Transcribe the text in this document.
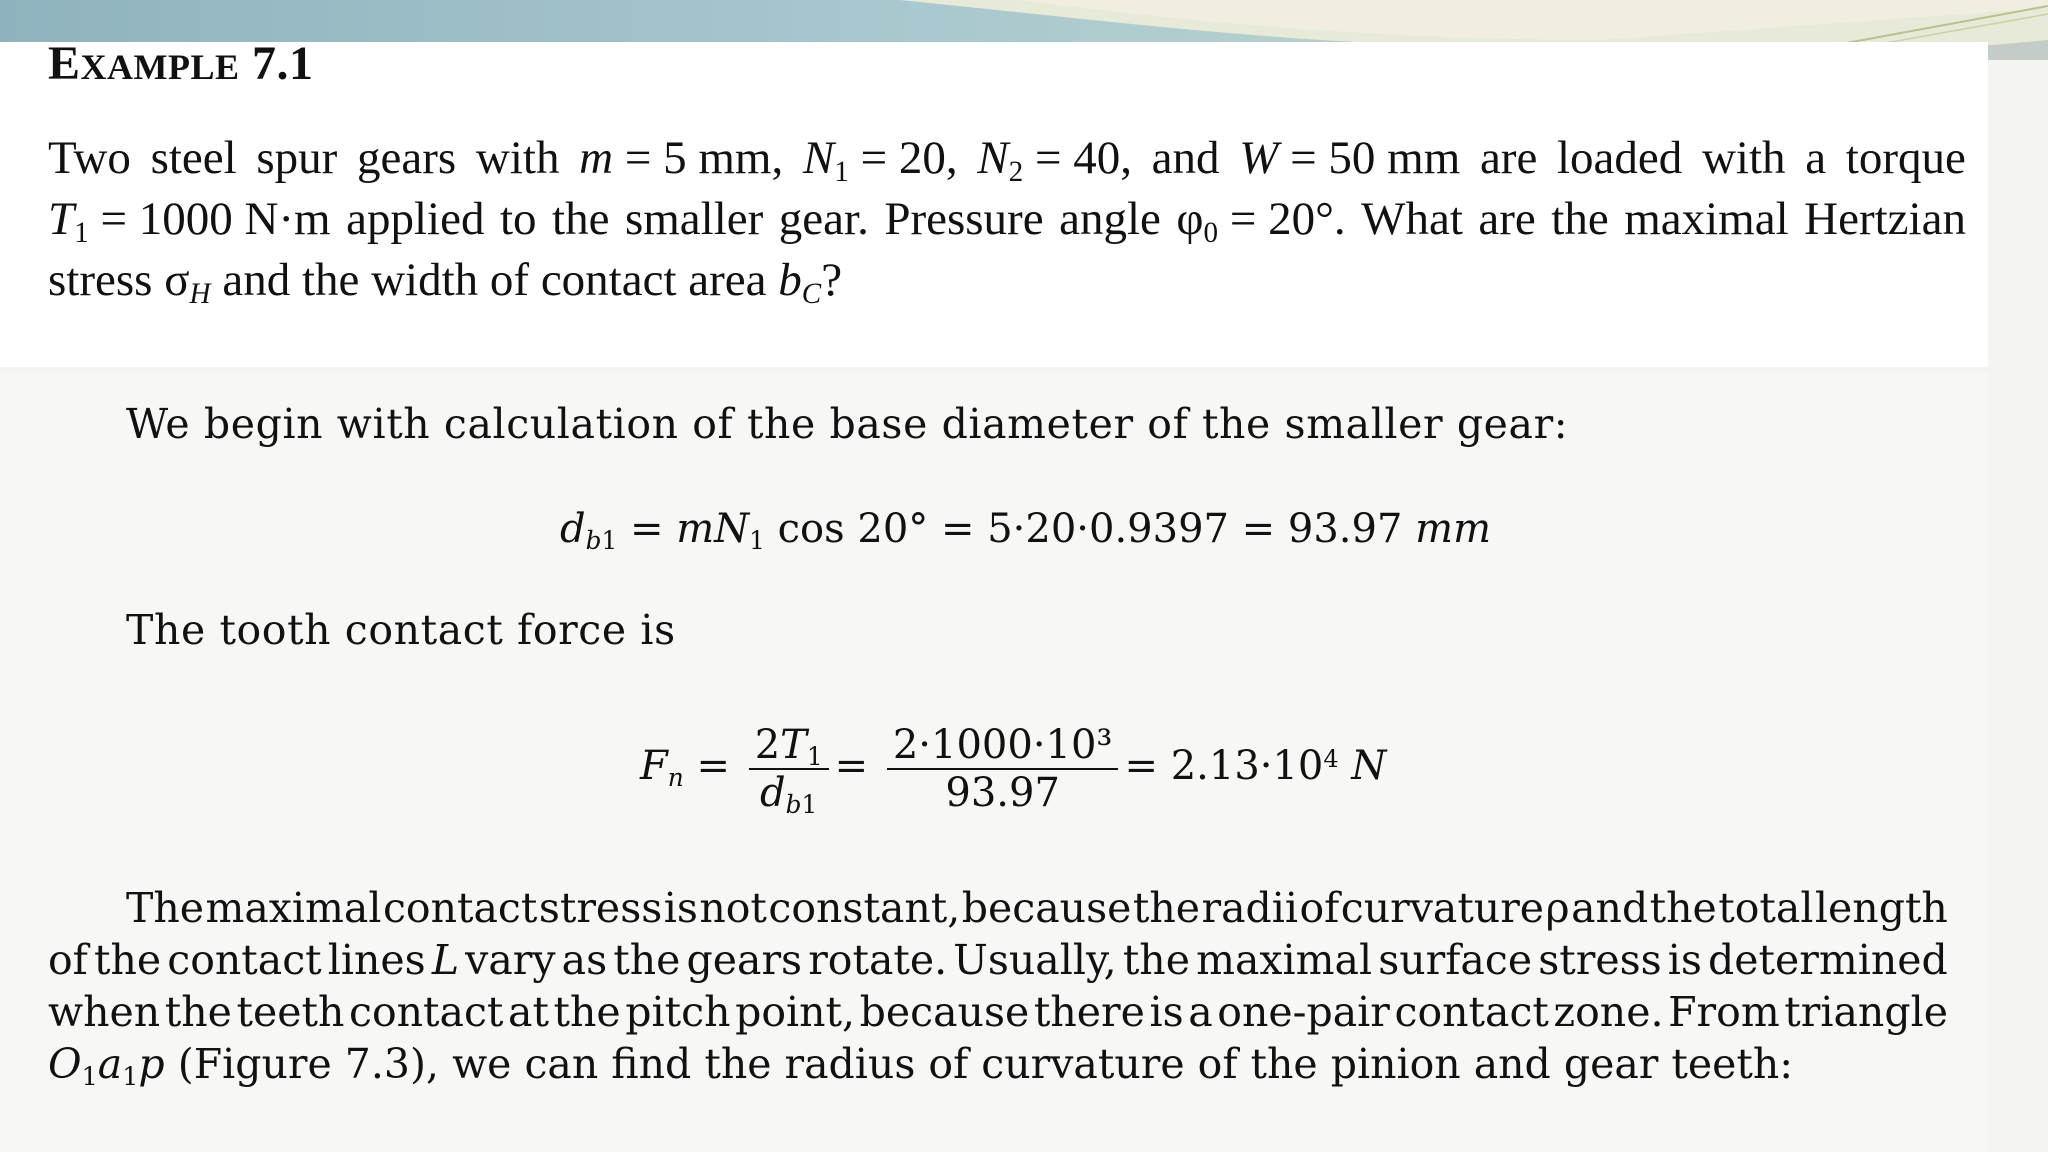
EXAMPLE 7.1
Two steel spur gears with m = 5 mm, $N_1 = 20$, $N_2 = 40$, and W = 50 mm are loaded with a torque
$T_1 = 1000$ N·m applied to the smaller gear. Pressure angle $\varphi_0 = 20^\circ$. What are the maximal Hertzian
stress $\sigma_H$ and the width of contact area $b_C$?
We begin with calculation of the base diameter of the smaller gear:
$d_{b1} = mN_1$ cos 20° = 5·20·0.9397 = 93.97 mm
The tooth contact force is
$F_n = \frac{2T_1}{d_{b1}} = \frac{\text{2·1000·10³}}{93.97} = 2.13\cdot 10^4$ N
The maximal contact stress is not constant, because the radii of curvature ρ and the total length
of the contact lines L vary as the gears rotate. Usually, the maximal surface stress is determined
when the teeth contact at the pitch point, because there is a one-pair contact zone. From triangle
$O_1a_1p$ (Figure 7.3), we can find the radius of curvature of the pinion and gear teeth:
